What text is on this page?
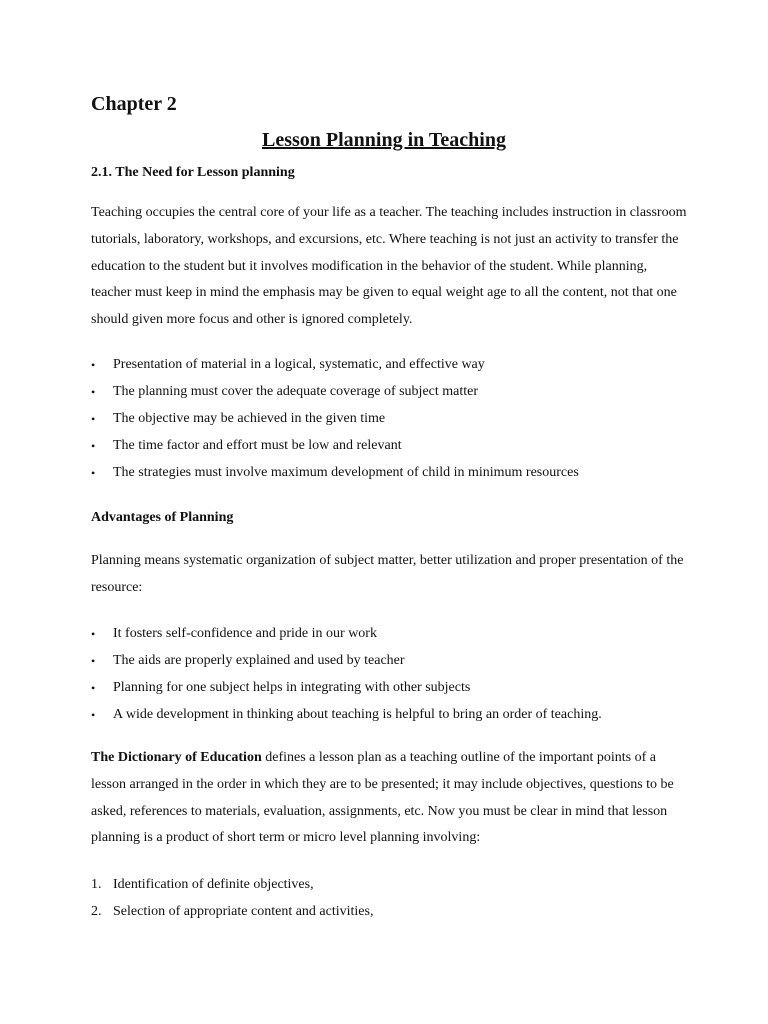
Chapter 2
Lesson Planning in Teaching
2.1. The Need for Lesson planning

Teaching occupies the central core of your life as a teacher. The teaching includes instruction in classroom tutorials, laboratory, workshops, and excursions, etc. Where teaching is not just an activity to transfer the education to the student but it involves modification in the behavior of the student. While planning, teacher must keep in mind the emphasis may be given to equal weight age to all the content, not that one should given more focus and other is ignored completely.

• Presentation of material in a logical, systematic, and effective way
• The planning must cover the adequate coverage of subject matter
• The objective may be achieved in the given time
• The time factor and effort must be low and relevant
• The strategies must involve maximum development of child in minimum resources
Advantages of Planning

Planning means systematic organization of subject matter, better utilization and proper presentation of the resource:

• It fosters self-confidence and pride in our work
• The aids are properly explained and used by teacher
• Planning for one subject helps in integrating with other subjects
• A wide development in thinking about teaching is helpful to bring an order of teaching.

The Dictionary of Education defines a lesson plan as a teaching outline of the important points of a lesson arranged in the order in which they are to be presented; it may include objectives, questions to be asked, references to materials, evaluation, assignments, etc. Now you must be clear in mind that lesson planning is a product of short term or micro level planning involving:

1. Identification of definite objectives,
2. Selection of appropriate content and activities,
